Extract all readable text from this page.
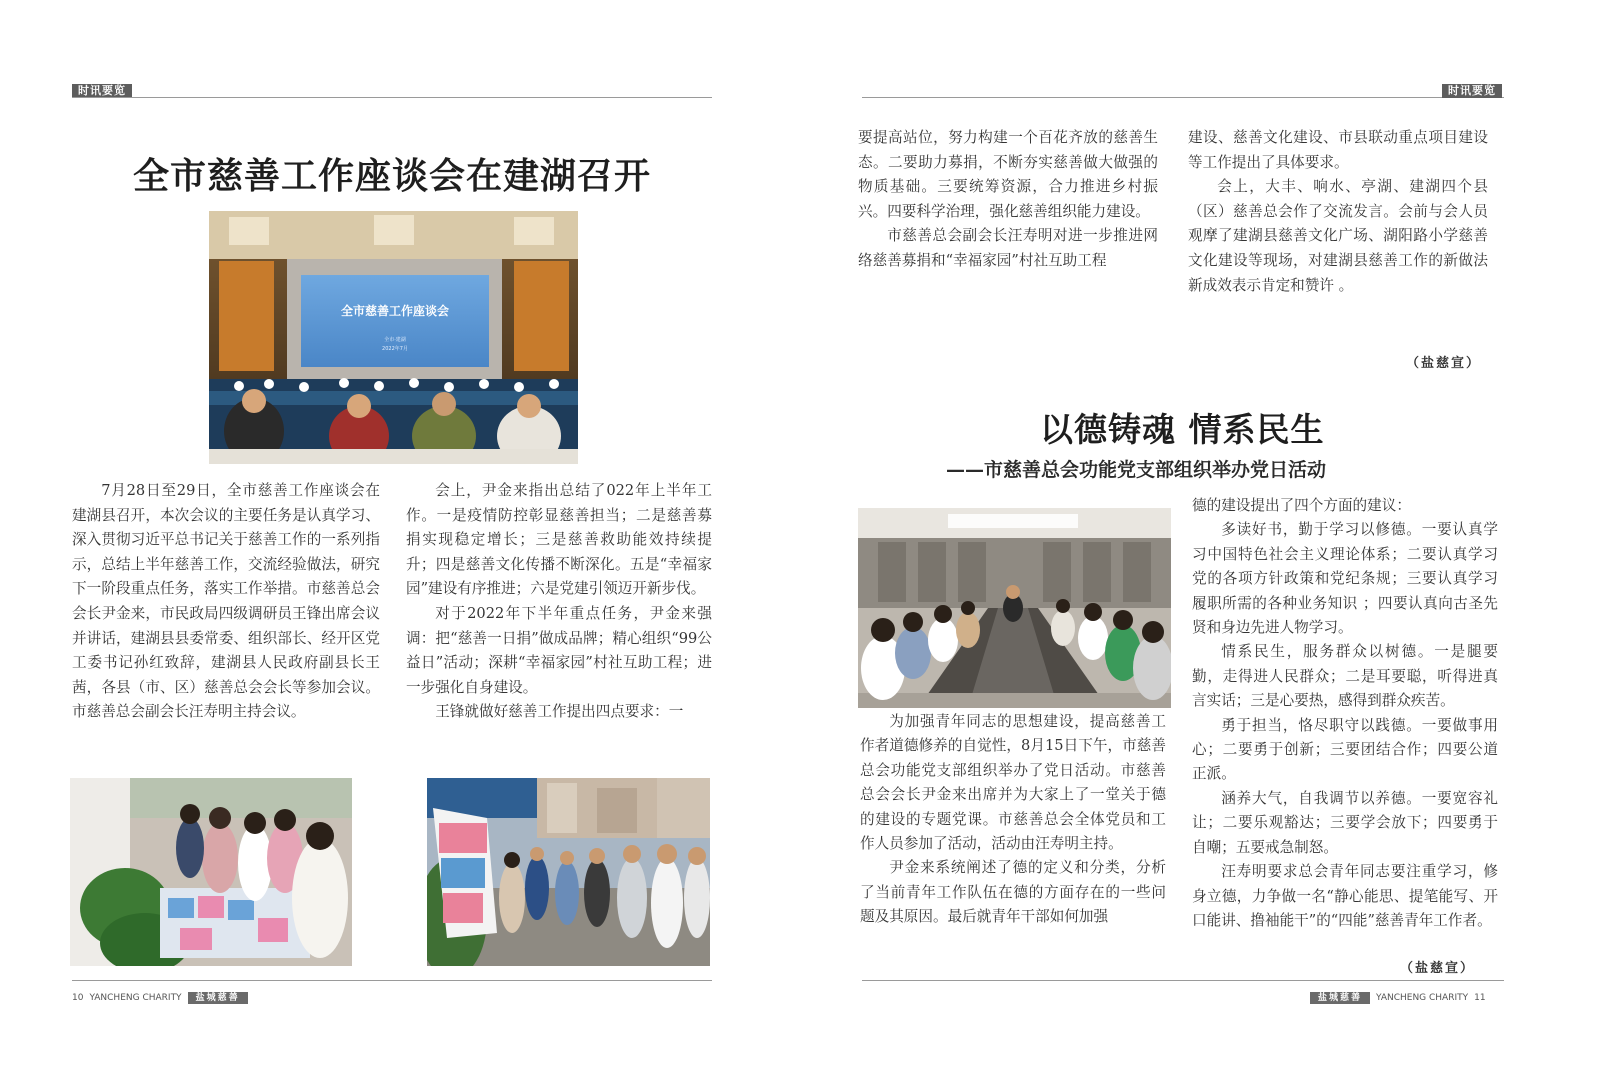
时讯要览
全市慈善工作座谈会在建湖召开
全市慈善工作座谈会
全市·建湖
2022年7月

7月28日至29日，全市慈善工作座谈会在建湖县召开，本次会议的主要任务是认真学习、深入贯彻习近平总书记关于慈善工作的一系列指示，总结上半年慈善工作，交流经验做法，研究下一阶段重点任务，落实工作举措。市慈善总会会长尹金来，市民政局四级调研员王锋出席会议并讲话，建湖县县委常委、组织部长、经开区党工委书记孙红致辞，建湖县人民政府副县长王茜，各县（市、区）慈善总会会长等参加会议。市慈善总会副会长汪寿明主持会议。

会上，尹金来指出总结了022年上半年工作。一是疫情防控彰显慈善担当；二是慈善募捐实现稳定增长；三是慈善救助能效持续提升；四是慈善文化传播不断深化。五是“幸福家园”建设有序推进；六是党建引领迈开新步伐。

对于2022年下半年重点任务，尹金来强调：把“慈善一日捐”做成品牌；精心组织“99公益日”活动；深耕“幸福家园”村社互助工程；进一步强化自身建设。

王锋就做好慈善工作提出四点要求：一

10 YANCHENG CHARITY	盐城慈善
时讯要览

要提高站位，努力构建一个百花齐放的慈善生态。二要助力募捐，不断夯实慈善做大做强的物质基础。三要统筹资源，合力推进乡村振兴。四要科学治理，强化慈善组织能力建设。

市慈善总会副会长汪寿明对进一步推进网络慈善募捐和“幸福家园”村社互助工程

建设、慈善文化建设、市县联动重点项目建设等工作提出了具体要求。

会上，大丰、响水、亭湖、建湖四个县（区）慈善总会作了交流发言。会前与会人员观摩了建湖县慈善文化广场、湖阳路小学慈善文化建设等现场，对建湖县慈善工作的新做法新成效表示肯定和赞许 。

（盐慈宣）
以德铸魂 情系民生
——市慈善总会功能党支部组织举办党日活动

为加强青年同志的思想建设，提高慈善工作者道德修养的自觉性，8月15日下午，市慈善总会功能党支部组织举办了党日活动。市慈善总会会长尹金来出席并为大家上了一堂关于德的建设的专题党课。市慈善总会全体党员和工作人员参加了活动，活动由汪寿明主持。

尹金来系统阐述了德的定义和分类，分析了当前青年工作队伍在德的方面存在的一些问题及其原因。最后就青年干部如何加强

德的建设提出了四个方面的建议：

多读好书，勤于学习以修德。一要认真学习中国特色社会主义理论体系；二要认真学习党的各项方针政策和党纪条规；三要认真学习履职所需的各种业务知识 ；四要认真向古圣先贤和身边先进人物学习。

情系民生，服务群众以树德。一是腿要勤，走得进人民群众；二是耳要聪，听得进真言实话；三是心要热，感得到群众疾苦。

勇于担当，恪尽职守以践德。一要做事用心；二要勇于创新；三要团结合作；四要公道正派。

涵养大气，自我调节以养德。一要宽容礼让；二要乐观豁达；三要学会放下；四要勇于自嘲；五要戒急制怒。

汪寿明要求总会青年同志要注重学习，修身立德，力争做一名“静心能思、提笔能写、开口能讲、撸袖能干”的“四能”慈善青年工作者。

（盐慈宣）
盐城慈善	YANCHENG CHARITY 11
